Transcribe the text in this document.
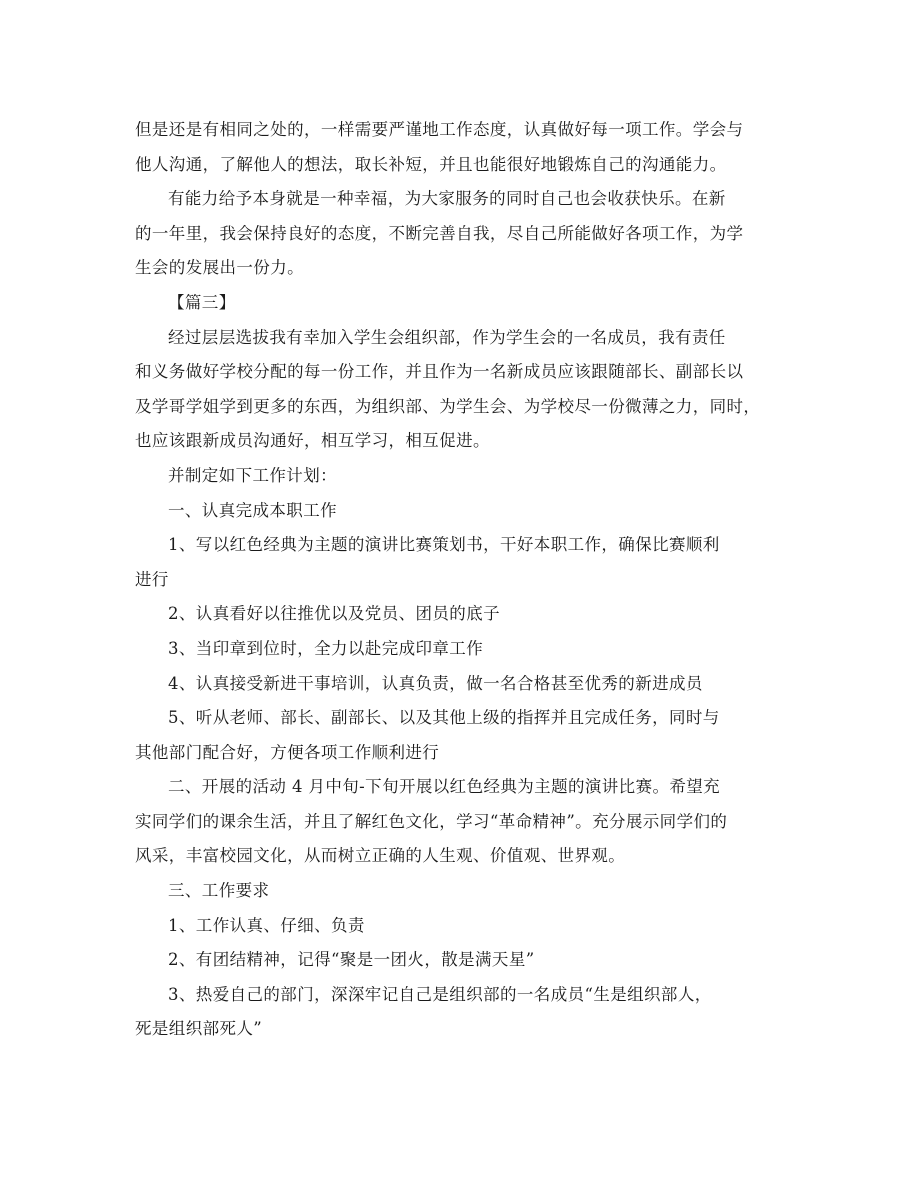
但是还是有相同之处的，一样需要严谨地工作态度，认真做好每一项工作。学会与
他人沟通，了解他人的想法，取长补短，并且也能很好地锻炼自己的沟通能力。

有能力给予本身就是一种幸福，为大家服务的同时自己也会收获快乐。在新
的一年里，我会保持良好的态度，不断完善自我，尽自己所能做好各项工作，为学
生会的发展出一份力。

【篇三】

经过层层选拔我有幸加入学生会组织部，作为学生会的一名成员，我有责任
和义务做好学校分配的每一份工作，并且作为一名新成员应该跟随部长、副部长以
及学哥学姐学到更多的东西，为组织部、为学生会、为学校尽一份微薄之力，同时，
也应该跟新成员沟通好，相互学习，相互促进。

并制定如下工作计划：

一、认真完成本职工作

1、写以红色经典为主题的演讲比赛策划书，干好本职工作，确保比赛顺利
进行

2、认真看好以往推优以及党员、团员的底子

3、当印章到位时，全力以赴完成印章工作

4、认真接受新进干事培训，认真负责，做一名合格甚至优秀的新进成员

5、听从老师、部长、副部长、以及其他上级的指挥并且完成任务，同时与
其他部门配合好，方便各项工作顺利进行

二、开展的活动 4 月中旬-下旬开展以红色经典为主题的演讲比赛。希望充
实同学们的课余生活，并且了解红色文化，学习“革命精神”。充分展示同学们的
风采，丰富校园文化，从而树立正确的人生观、价值观、世界观。

三、工作要求

1、工作认真、仔细、负责

2、有团结精神，记得“聚是一团火，散是满天星”

3、热爱自己的部门，深深牢记自己是组织部的一名成员“生是组织部人，
死是组织部死人”
